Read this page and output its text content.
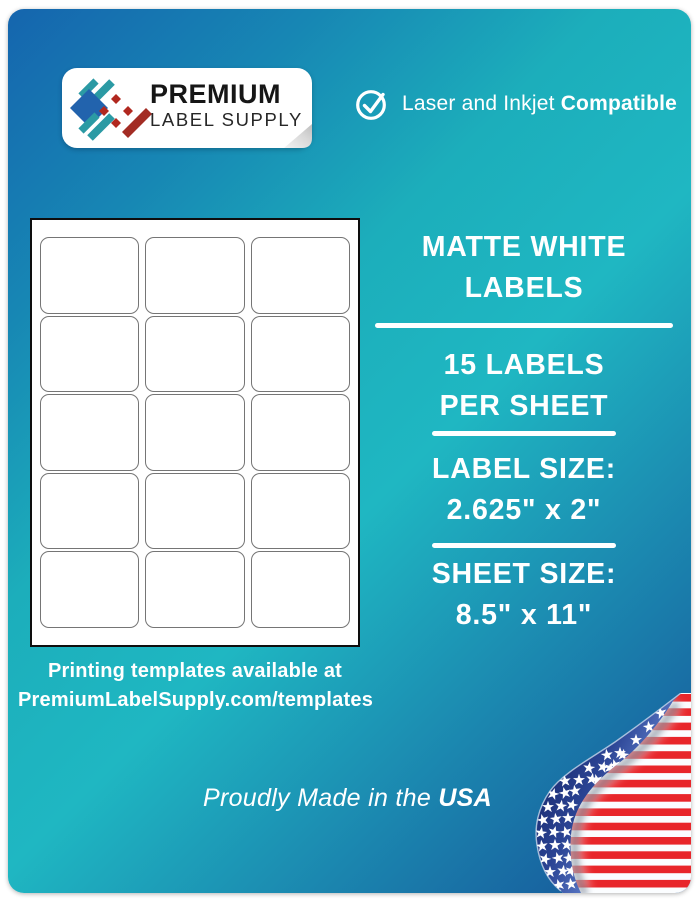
PREMIUM
LABEL SUPPLY
Laser and Inkjet Compatible
Printing templates available at
PremiumLabelSupply.com/templates
MATTE WHITE
LABELS
15 LABELS
PER SHEET
LABEL SIZE:
2.625" x 2"
SHEET SIZE:
8.5" x 11"
Proudly Made in the USA
